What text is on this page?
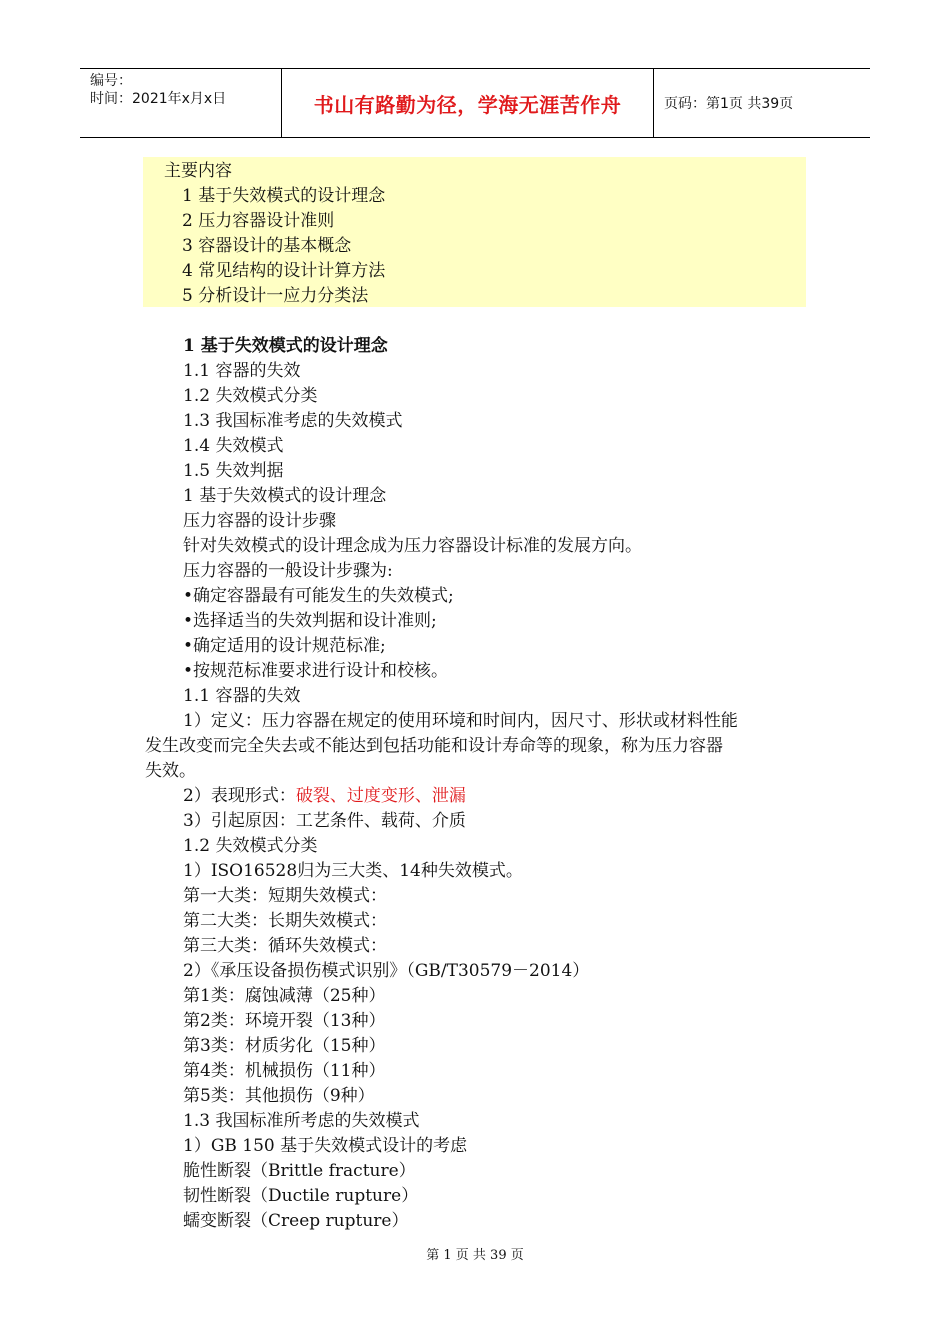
编号：
时间：2021年x月x日	书山有路勤为径，学海无涯苦作舟	页码：第1页 共39页
主要内容
1 基于失效模式的设计理念
2 压力容器设计准则
3 容器设计的基本概念
4 常见结构的设计计算方法
5 分析设计一应力分类法
1 基于失效模式的设计理念
1.1 容器的失效
1.2 失效模式分类
1.3 我国标准考虑的失效模式
1.4 失效模式
1.5 失效判据
1 基于失效模式的设计理念
压力容器的设计步骤
针对失效模式的设计理念成为压力容器设计标准的发展方向。
压力容器的一般设计步骤为:
•确定容器最有可能发生的失效模式;
•选择适当的失效判据和设计准则;
•确定适用的设计规范标准;
•按规范标准要求进行设计和校核。
1.1 容器的失效
1）定义：压力容器在规定的使用环境和时间内，因尺寸、形状或材料性能
发生改变而完全失去或不能达到包括功能和设计寿命等的现象，称为压力容器
失效。
2）表现形式：破裂、过度变形、泄漏
3）引起原因：工艺条件、载荷、介质
1.2 失效模式分类
1）ISO16528归为三大类、14种失效模式。
第一大类：短期失效模式：
第二大类：长期失效模式：
第三大类：循环失效模式：
2）《承压设备损伤模式识别》（GB/T30579－2014）
第1类：腐蚀减薄（25种）
第2类：环境开裂（13种）
第3类：材质劣化（15种）
第4类：机械损伤（11种）
第5类：其他损伤（9种）
1.3 我国标准所考虑的失效模式
1）GB 150 基于失效模式设计的考虑
脆性断裂（Brittle fracture）
韧性断裂（Ductile rupture）
蠕变断裂（Creep rupture）
第 1 页 共 39 页
